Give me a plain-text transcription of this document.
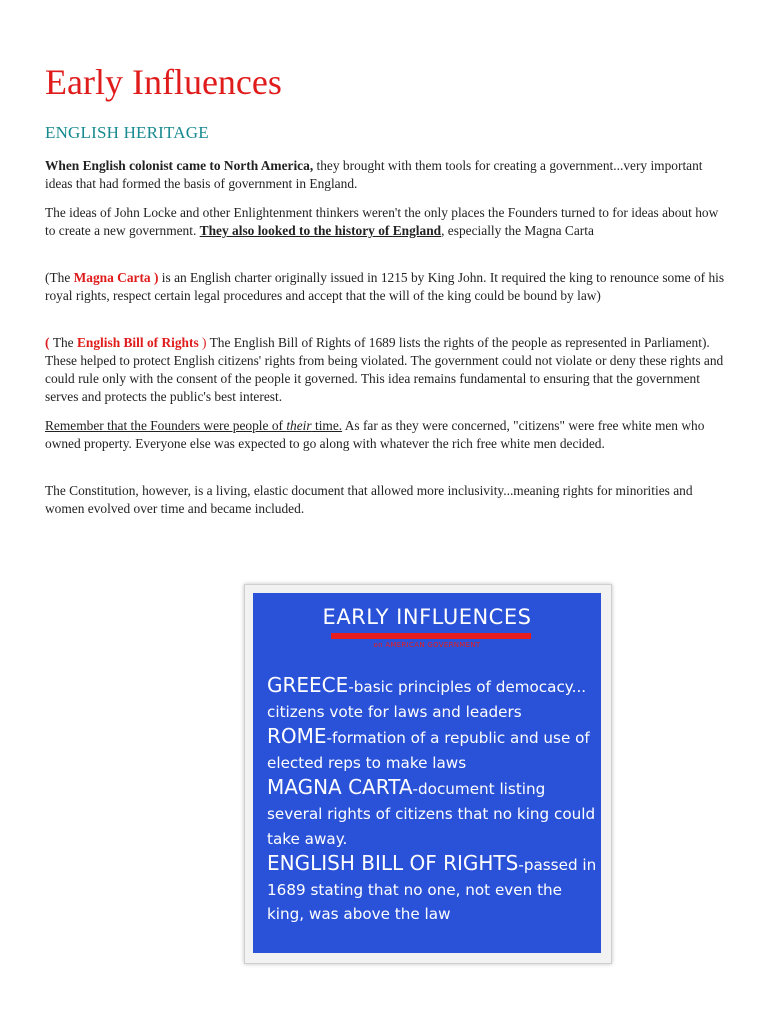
Early Influences
ENGLISH HERITAGE
When English colonist came to North America, they brought with them tools for creating a government...very important ideas that had formed the basis of government in England.
The ideas of John Locke and other Enlightenment thinkers weren't the only places the Founders turned to for ideas about how to create a new government. They also looked to the history of England, especially the Magna Carta
(The Magna Carta ) is an English charter originally issued in 1215 by King John. It required the king to renounce some of his royal rights, respect certain legal procedures and accept that the will of the king could be bound by law)
( The English Bill of Rights ) The English Bill of Rights of 1689 lists the rights of the people as represented in Parliament). These helped to protect English citizens' rights from being violated. The government could not violate or deny these rights and could rule only with the consent of the people it governed. This idea remains fundamental to ensuring that the government serves and protects the public's best interest.
Remember that the Founders were people of their time. As far as they were concerned, "citizens" were free white men who owned property. Everyone else was expected to go along with whatever the rich free white men decided.
The Constitution, however, is a living, elastic document that allowed more inclusivity...meaning rights for minorities and women evolved over time and became included.
EARLY INFLUENCES
on AMERICAN GOVERNMENT
GREECE-basic principles of democacy... citizens vote for laws and leaders
ROME-formation of a republic and use of elected reps to make laws
MAGNA CARTA-document listing several rights of citizens that no king could take away.
ENGLISH BILL OF RIGHTS-passed in 1689 stating that no one, not even the king, was above the law
